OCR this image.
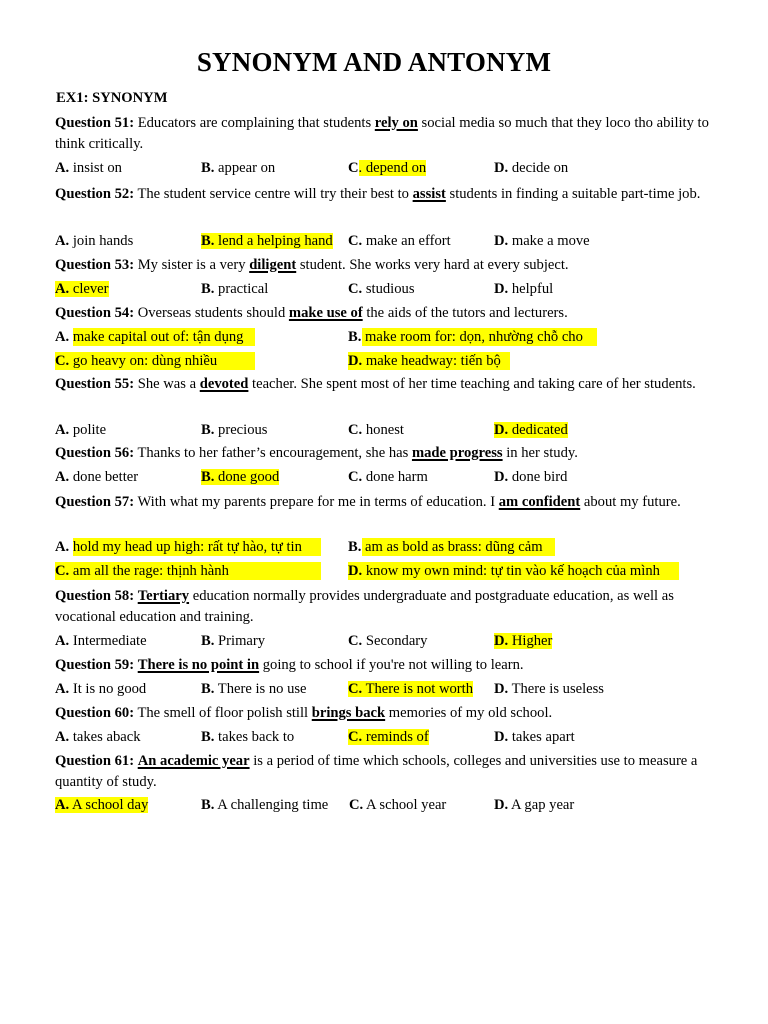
SYNONYM AND ANTONYM
EX1: SYNONYM
Question 51: Educators are complaining that students rely on social media so much that they loco tho ability to think critically.
A. insist on	B. appear on	C. depend on	D. decide on
Question 52: The student service centre will try their best to assist students in finding a suitable part-time job.
A. join hands	B. lend a helping hand C. make an effort	D. make a move
Question 53: My sister is a very diligent student. She works very hard at every subject.
A. clever	B. practical	C. studious	D. helpful
Question 54: Overseas students should make use of the aids of the tutors and lecturers.
A. make capital out of: tận dụng	B. make room for: dọn, nhường chỗ cho
C. go heavy on: dùng nhiều	D. make headway: tiến bộ
Question 55: She was a devoted teacher. She spent most of her time teaching and taking care of her students.
A. polite	B. precious	C. honest	D. dedicated
Question 56: Thanks to her father’s encouragement, she has made progress in her study.
A. done better	B. done good	C. done harm	D. done bird
Question 57: With what my parents prepare for me in terms of education. I am confident about my future.
A. hold my head up high: rất tự hào, tự tin	B. am as bold as brass: dũng cảm
C. am all the rage: thịnh hành	D. know my own mind: tự tin vào kế hoạch của mình
Question 58: Tertiary education normally provides undergraduate and postgraduate education, as well as vocational education and training.
A. Intermediate	B. Primary	C. Secondary	D. Higher
Question 59: There is no point in going to school if you're not willing to learn.
A. It is no good	B. There is no use	C. There is not worth D. There is useless
Question 60: The smell of floor polish still brings back memories of my old school.
A. takes aback	B. takes back to	C. reminds of	D. takes apart
Question 61: An academic year is a period of time which schools, colleges and universities use to measure a quantity of study.
A. A school day	B. A challenging time C. A school year	D. A gap year
